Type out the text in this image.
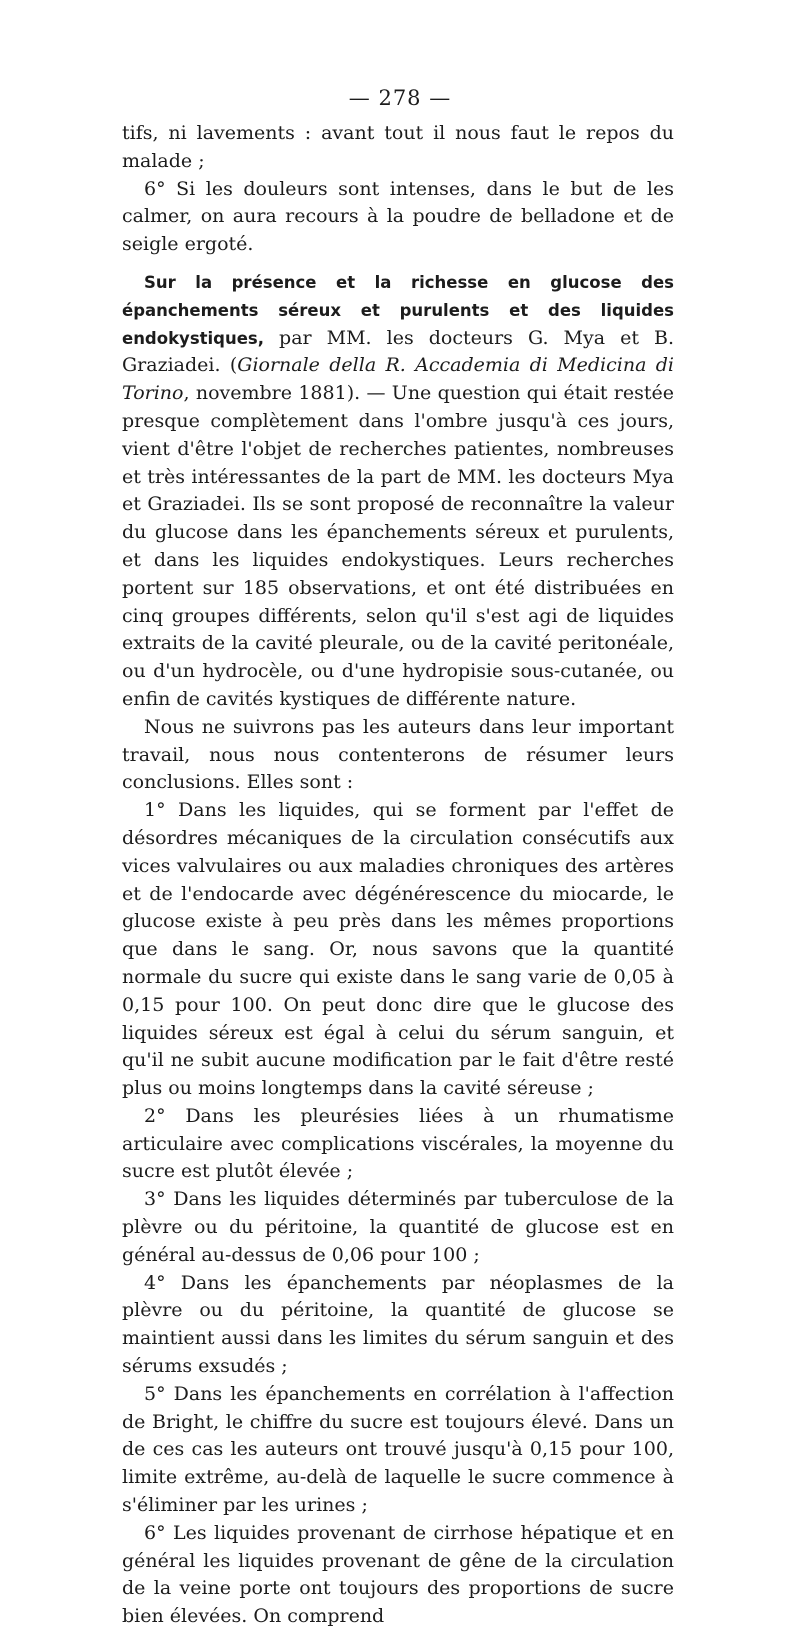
— 278 —

tifs, ni lavements : avant tout il nous faut le repos du malade ;

6° Si les douleurs sont intenses, dans le but de les calmer, on aura recours à la poudre de belladone et de seigle ergoté.

Sur la présence et la richesse en glucose des épanchements séreux et purulents et des liquides endokystiques, par MM. les docteurs G. Mya et B. Graziadei. (Giornale della R. Accademia di Medicina di Torino, novembre 1881). — Une question qui était restée presque complètement dans l'ombre jusqu'à ces jours, vient d'être l'objet de recherches patientes, nombreuses et très intéressantes de la part de MM. les docteurs Mya et Graziadei. Ils se sont proposé de reconnaître la valeur du glucose dans les épanchements séreux et purulents, et dans les liquides endokystiques. Leurs recherches portent sur 185 observations, et ont été distribuées en cinq groupes différents, selon qu'il s'est agi de liquides extraits de la cavité pleurale, ou de la cavité peritonéale, ou d'un hydrocèle, ou d'une hydropisie sous-cutanée, ou enfin de cavités kystiques de différente nature.

Nous ne suivrons pas les auteurs dans leur important travail, nous nous contenterons de résumer leurs conclusions. Elles sont :

1° Dans les liquides, qui se forment par l'effet de désordres mécaniques de la circulation consécutifs aux vices valvulaires ou aux maladies chroniques des artères et de l'endocarde avec dégénérescence du miocarde, le glucose existe à peu près dans les mêmes proportions que dans le sang. Or, nous savons que la quantité normale du sucre qui existe dans le sang varie de 0,05 à 0,15 pour 100. On peut donc dire que le glucose des liquides séreux est égal à celui du sérum sanguin, et qu'il ne subit aucune modification par le fait d'être resté plus ou moins longtemps dans la cavité séreuse ;

2° Dans les pleurésies liées à un rhumatisme articulaire avec complications viscérales, la moyenne du sucre est plutôt élevée ;

3° Dans les liquides déterminés par tuberculose de la plèvre ou du péritoine, la quantité de glucose est en général au-dessus de 0,06 pour 100 ;

4° Dans les épanchements par néoplasmes de la plèvre ou du péritoine, la quantité de glucose se maintient aussi dans les limites du sérum sanguin et des sérums exsudés ;

5° Dans les épanchements en corrélation à l'affection de Bright, le chiffre du sucre est toujours élevé. Dans un de ces cas les auteurs ont trouvé jusqu'à 0,15 pour 100, limite extrême, au-delà de laquelle le sucre commence à s'éliminer par les urines ;

6° Les liquides provenant de cirrhose hépatique et en général les liquides provenant de gêne de la circulation de la veine porte ont toujours des proportions de sucre bien élevées. On comprend
